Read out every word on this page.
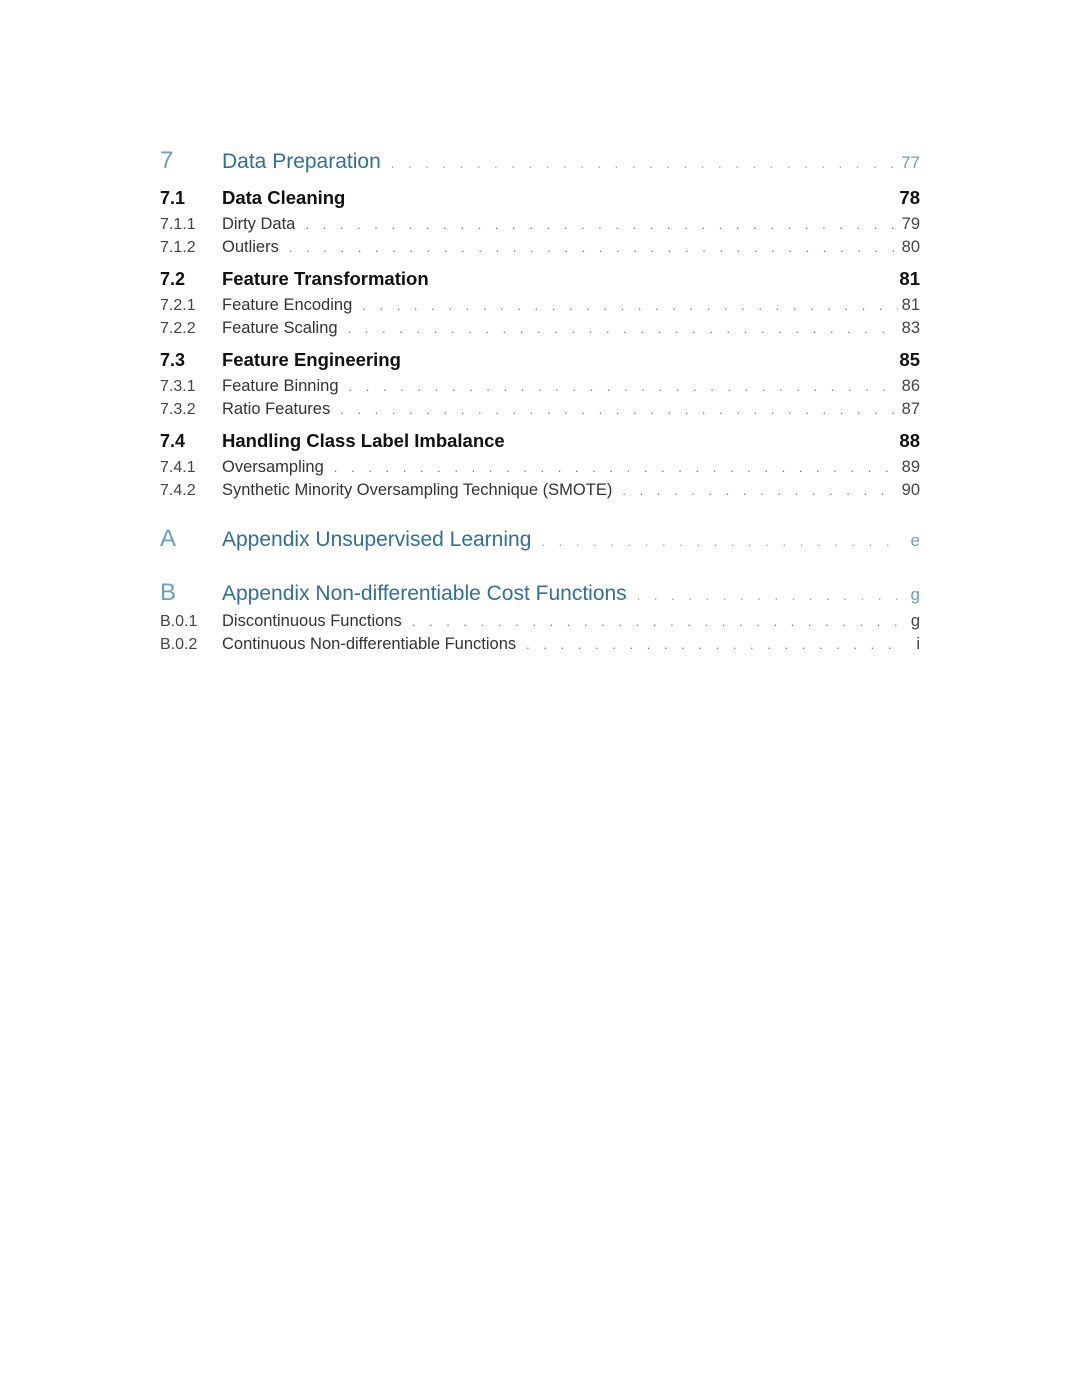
7	Data Preparation . . .	77
7.1	Data Cleaning	78
7.1.1	Dirty Data . . .	79
7.1.2	Outliers . . .	80
7.2	Feature Transformation	81
7.2.1	Feature Encoding . . .	81
7.2.2	Feature Scaling . . .	83
7.3	Feature Engineering	85
7.3.1	Feature Binning . . .	86
7.3.2	Ratio Features . . .	87
7.4	Handling Class Label Imbalance	88
7.4.1	Oversampling . . .	89
7.4.2	Synthetic Minority Oversampling Technique (SMOTE) . . .	90
A	Appendix Unsupervised Learning . . .	e
B	Appendix Non-differentiable Cost Functions . . .	g
B.0.1	Discontinuous Functions . . .	g
B.0.2	Continuous Non-differentiable Functions . . .	i
